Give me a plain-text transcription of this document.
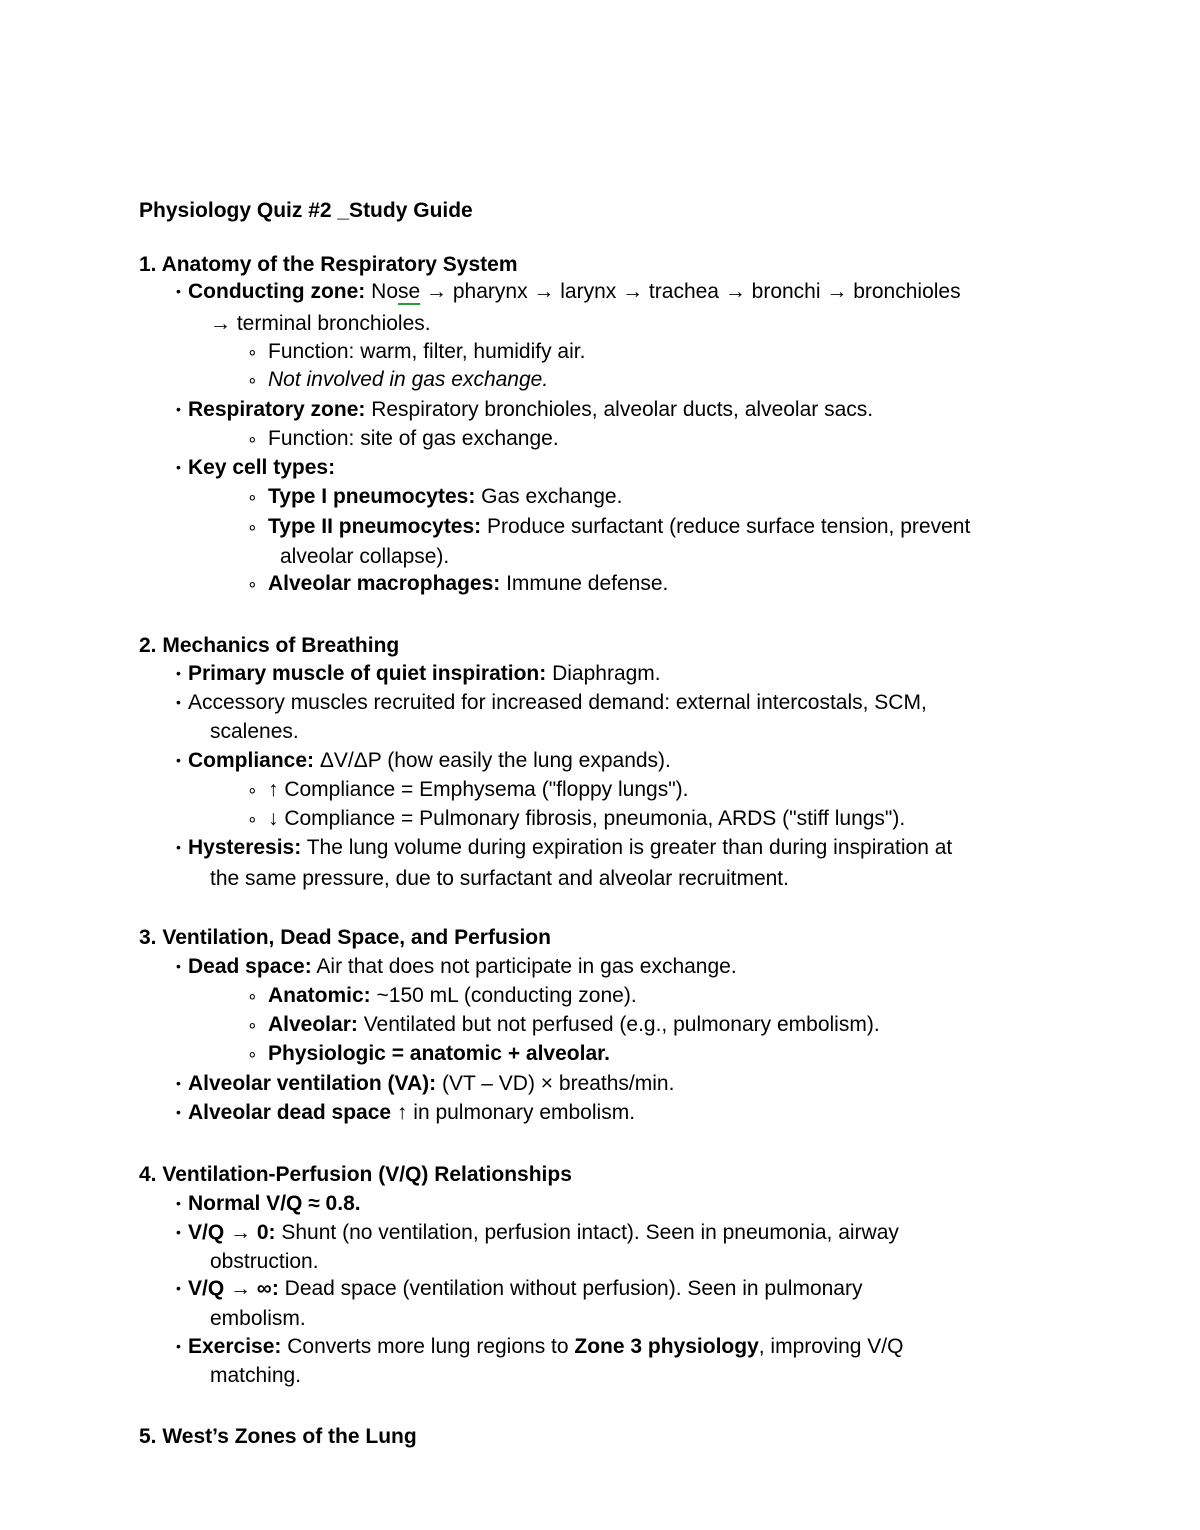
Physiology Quiz #2 _Study Guide
1. Anatomy of the Respiratory System
• Conducting zone: Nose → pharynx → larynx → trachea → bronchi → bronchioles
→ terminal bronchioles.
∘ Function: warm, filter, humidify air.
∘ Not involved in gas exchange.
• Respiratory zone: Respiratory bronchioles, alveolar ducts, alveolar sacs.
∘ Function: site of gas exchange.
• Key cell types:
∘ Type I pneumocytes: Gas exchange.
∘ Type II pneumocytes: Produce surfactant (reduce surface tension, prevent
alveolar collapse).
∘ Alveolar macrophages: Immune defense.
2. Mechanics of Breathing
• Primary muscle of quiet inspiration: Diaphragm.
• Accessory muscles recruited for increased demand: external intercostals, SCM,
scalenes.
• Compliance: ΔV/ΔP (how easily the lung expands).
∘ ↑ Compliance = Emphysema ("floppy lungs").
∘ ↓ Compliance = Pulmonary fibrosis, pneumonia, ARDS ("stiff lungs").
• Hysteresis: The lung volume during expiration is greater than during inspiration at
the same pressure, due to surfactant and alveolar recruitment.
3. Ventilation, Dead Space, and Perfusion
• Dead space: Air that does not participate in gas exchange.
∘ Anatomic: ~150 mL (conducting zone).
∘ Alveolar: Ventilated but not perfused (e.g., pulmonary embolism).
∘ Physiologic = anatomic + alveolar.
• Alveolar ventilation (VA): (VT – VD) × breaths/min.
• Alveolar dead space ↑ in pulmonary embolism.
4. Ventilation-Perfusion (V/Q) Relationships
• Normal V/Q ≈ 0.8.
• V/Q → 0: Shunt (no ventilation, perfusion intact). Seen in pneumonia, airway
obstruction.
• V/Q → ∞: Dead space (ventilation without perfusion). Seen in pulmonary
embolism.
• Exercise: Converts more lung regions to Zone 3 physiology, improving V/Q
matching.
5. West’s Zones of the Lung
